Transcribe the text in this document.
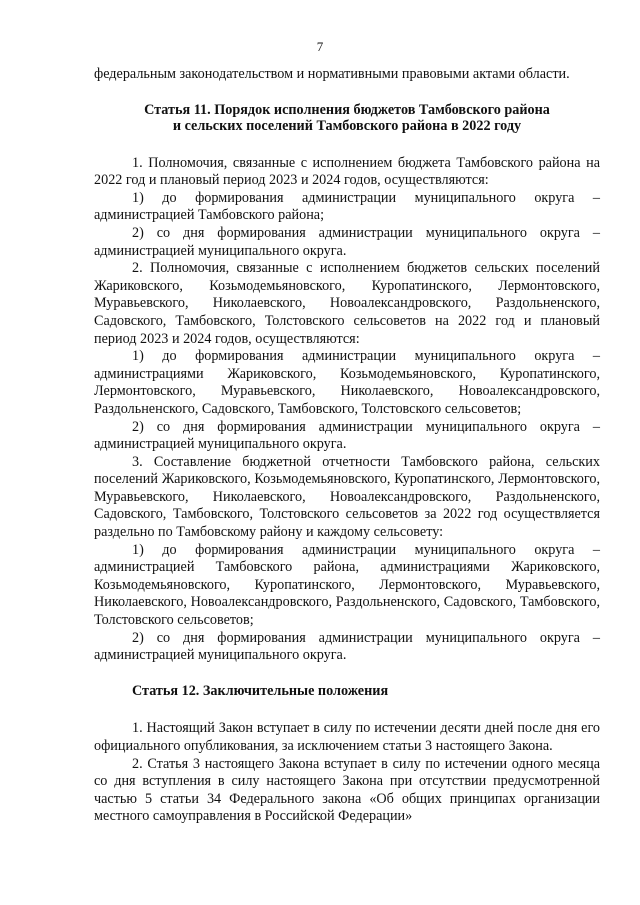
7

федеральным законодательством и нормативными правовыми актами области.

Статья 11. Порядок исполнения бюджетов Тамбовского района
и сельских поселений Тамбовского района в 2022 году

1. Полномочия, связанные с исполнением бюджета Тамбовского района на 2022 год и плановый период 2023 и 2024 годов, осуществляются:

1) до формирования администрации муниципального округа – администрацией Тамбовского района;

2) со дня формирования администрации муниципального округа – администрацией муниципального округа.

2. Полномочия, связанные с исполнением бюджетов сельских поселений Жариковского, Козьмодемьяновского, Куропатинского, Лермонтовского, Муравьевского, Николаевского, Новоалександровского, Раздольненского, Садовского, Тамбовского, Толстовского сельсоветов на 2022 год и плановый период 2023 и 2024 годов, осуществляются:

1) до формирования администрации муниципального округа – администрациями Жариковского, Козьмодемьяновского, Куропатинского, Лермонтовского, Муравьевского, Николаевского, Новоалександровского, Раздольненского, Садовского, Тамбовского, Толстовского сельсоветов;

2) со дня формирования администрации муниципального округа – администрацией муниципального округа.

3. Составление бюджетной отчетности Тамбовского района, сельских поселений Жариковского, Козьмодемьяновского, Куропатинского, Лермонтовского, Муравьевского, Николаевского, Новоалександровского, Раздольненского, Садовского, Тамбовского, Толстовского сельсоветов за 2022 год осуществляется раздельно по Тамбовскому району и каждому сельсовету:

1) до формирования администрации муниципального округа – администрацией Тамбовского района, администрациями Жариковского, Козьмодемьяновского, Куропатинского, Лермонтовского, Муравьевского, Николаевского, Новоалександровского, Раздольненского, Садовского, Тамбовского, Толстовского сельсоветов;

2) со дня формирования администрации муниципального округа – администрацией муниципального округа.

Статья 12. Заключительные положения

1. Настоящий Закон вступает в силу по истечении десяти дней после дня его официального опубликования, за исключением статьи 3 настоящего Закона.

2. Статья 3 настоящего Закона вступает в силу по истечении одного месяца со дня вступления в силу настоящего Закона при отсутствии предусмотренной частью 5 статьи 34 Федерального закона «Об общих принципах организации местного самоуправления в Российской Федерации»
